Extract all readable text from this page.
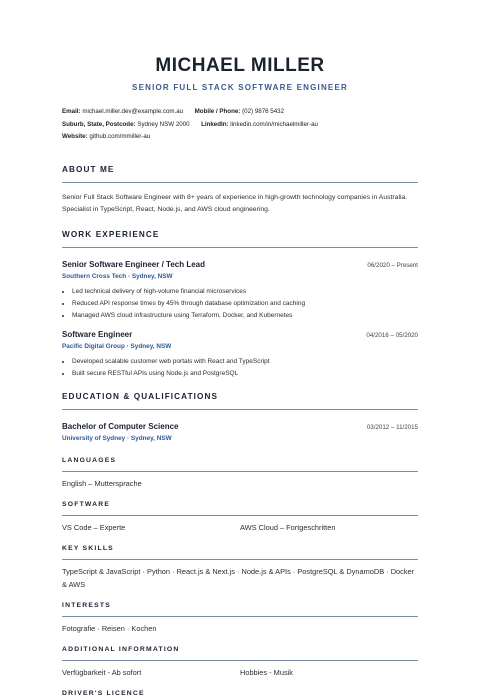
MICHAEL MILLER
SENIOR FULL STACK SOFTWARE ENGINEER
Email: michael.miller.dev@example.com.au Mobile / Phone: (02) 9876 5432
Suburb, State, Postcode: Sydney NSW 2000 LinkedIn: linkedin.com/in/michaelmiller-au
Website: github.com/mmiller-au
ABOUT ME
Senior Full Stack Software Engineer with 8+ years of experience in high-growth technology companies in Australia. Specialist in TypeScript, React, Node.js, and AWS cloud engineering.
WORK EXPERIENCE
Senior Software Engineer / Tech Lead	06/2020 – Present
Southern Cross Tech · Sydney, NSW
• Led technical delivery of high-volume financial microservices
• Reduced API response times by 45% through database optimization and caching
• Managed AWS cloud infrastructure using Terraform, Docker, and Kubernetes
Software Engineer	04/2016 – 05/2020
Pacific Digital Group · Sydney, NSW
• Developed scalable customer web portals with React and TypeScript
• Built secure RESTful APIs using Node.js and PostgreSQL
EDUCATION & QUALIFICATIONS
Bachelor of Computer Science	03/2012 – 11/2015
University of Sydney · Sydney, NSW
LANGUAGES
English – Muttersprache
SOFTWARE
VS Code – Experte	AWS Cloud – Fortgeschritten
KEY SKILLS
TypeScript & JavaScript · Python · React.js & Next.js · Node.js & APIs · PostgreSQL & DynamoDB · Docker & AWS
INTERESTS
Fotografie · Reisen · Kochen
ADDITIONAL INFORMATION
Verfügbarkeit - Ab sofort	Hobbies - Musik
DRIVER'S LICENCE
